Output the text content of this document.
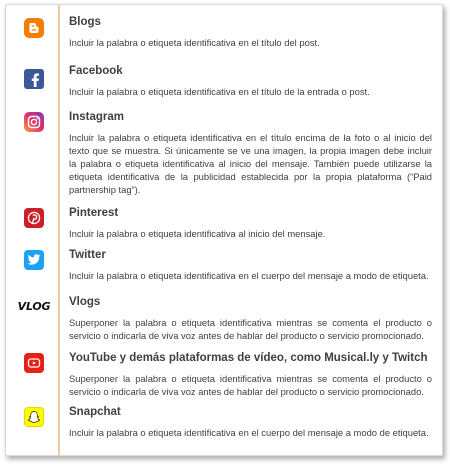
Blogs

Incluir la palabra o etiqueta identificativa en el título del post.

Facebook

Incluir la palabra o etiqueta identificativa en el título de la entrada o post.

Instagram

Incluir la palabra o etiqueta identificativa en el título encima de la foto o al inicio del texto que se muestra. Si únicamente se ve una imagen, la propia imagen debe incluir la palabra o etiqueta identificativa al inicio del mensaje. También puede utilizarse la etiqueta identificativa de la publicidad establecida por la propia plataforma (“Paid partnership tag”).

Pinterest

Incluir la palabra o etiqueta identificativa al inicio del mensaje.

Twitter

Incluir la palabra o etiqueta identificativa en el cuerpo del mensaje a modo de etiqueta.

VLOG Vlogs

Superponer la palabra o etiqueta identificativa mientras se comenta el producto o servicio o indicarla de viva voz antes de hablar del producto o servicio promocionado.

YouTube y demás plataformas de vídeo, como Musical.ly y Twitch

Superponer la palabra o etiqueta identificativa mientras se comenta el producto o servicio o indicarla de viva voz antes de hablar del producto o servicio promocionado.

Snapchat

Incluir la palabra o etiqueta identificativa en el cuerpo del mensaje a modo de etiqueta.
